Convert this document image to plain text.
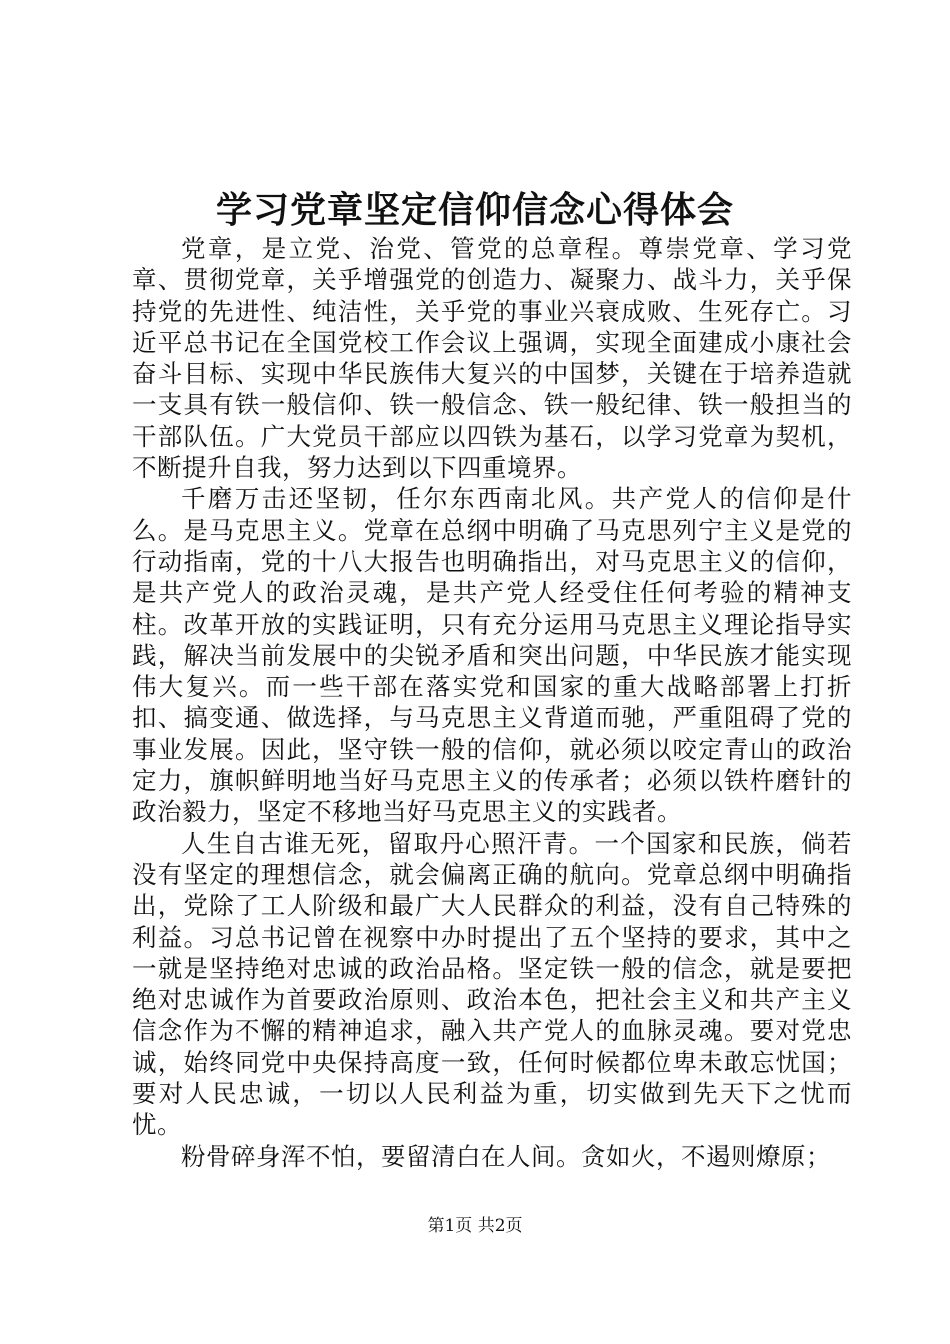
学习党章坚定信仰信念心得体会

党章，是立党、治党、管党的总章程。尊崇党章、学习党章、贯彻党章，关乎增强党的创造力、凝聚力、战斗力，关乎保持党的先进性、纯洁性，关乎党的事业兴衰成败、生死存亡。习近平总书记在全国党校工作会议上强调，实现全面建成小康社会奋斗目标、实现中华民族伟大复兴的中国梦，关键在于培养造就一支具有铁一般信仰、铁一般信念、铁一般纪律、铁一般担当的干部队伍。广大党员干部应以四铁为基石，以学习党章为契机，不断提升自我，努力达到以下四重境界。

千磨万击还坚韧，任尔东西南北风。共产党人的信仰是什么。是马克思主义。党章在总纲中明确了马克思列宁主义是党的行动指南，党的十八大报告也明确指出，对马克思主义的信仰，是共产党人的政治灵魂，是共产党人经受住任何考验的精神支柱。改革开放的实践证明，只有充分运用马克思主义理论指导实践，解决当前发展中的尖锐矛盾和突出问题，中华民族才能实现伟大复兴。而一些干部在落实党和国家的重大战略部署上打折扣、搞变通、做选择，与马克思主义背道而驰，严重阻碍了党的事业发展。因此，坚守铁一般的信仰，就必须以咬定青山的政治定力，旗帜鲜明地当好马克思主义的传承者；必须以铁杵磨针的政治毅力，坚定不移地当好马克思主义的实践者。

人生自古谁无死，留取丹心照汗青。一个国家和民族，倘若没有坚定的理想信念，就会偏离正确的航向。党章总纲中明确指出，党除了工人阶级和最广大人民群众的利益，没有自己特殊的利益。习总书记曾在视察中办时提出了五个坚持的要求，其中之一就是坚持绝对忠诚的政治品格。坚定铁一般的信念，就是要把绝对忠诚作为首要政治原则、政治本色，把社会主义和共产主义信念作为不懈的精神追求，融入共产党人的血脉灵魂。要对党忠诚，始终同党中央保持高度一致，任何时候都位卑未敢忘忧国；要对人民忠诚，一切以人民利益为重，切实做到先天下之忧而忧。

粉骨碎身浑不怕，要留清白在人间。贪如火，不遏则燎原；

第1页 共2页
